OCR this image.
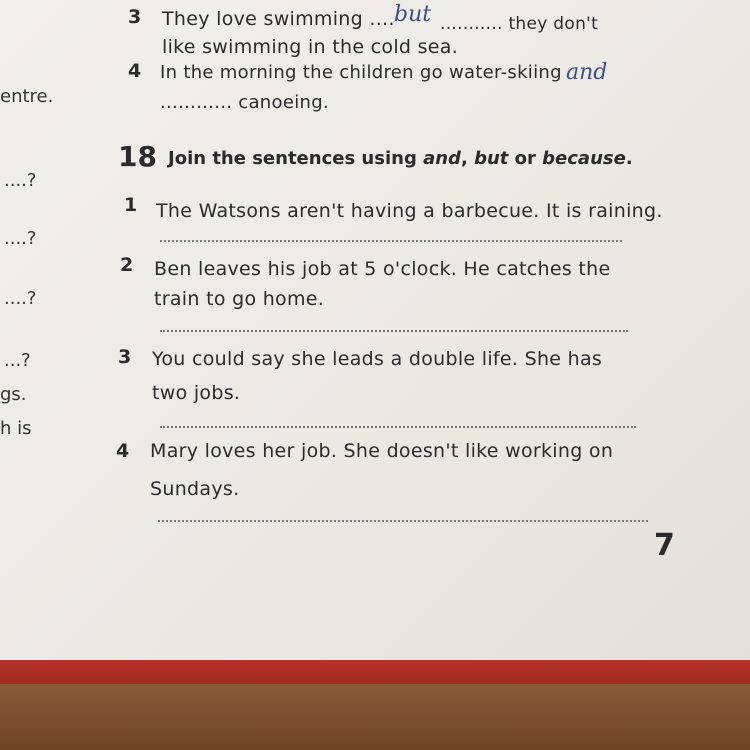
3 They love swimming .... but ........... they don't
like swimming in the cold sea.
4 In the morning the children go water-skiing and
............ canoeing.
entre.
....?
....?
....?
...?
gs.
h is
18 Join the sentences using and, but or because.
1 The Watsons aren't having a barbecue. It is raining.
2 Ben leaves his job at 5 o'clock. He catches the
train to go home.
3 You could say she leads a double life. She has
two jobs.
4 Mary loves her job. She doesn't like working on
Sundays.
7
